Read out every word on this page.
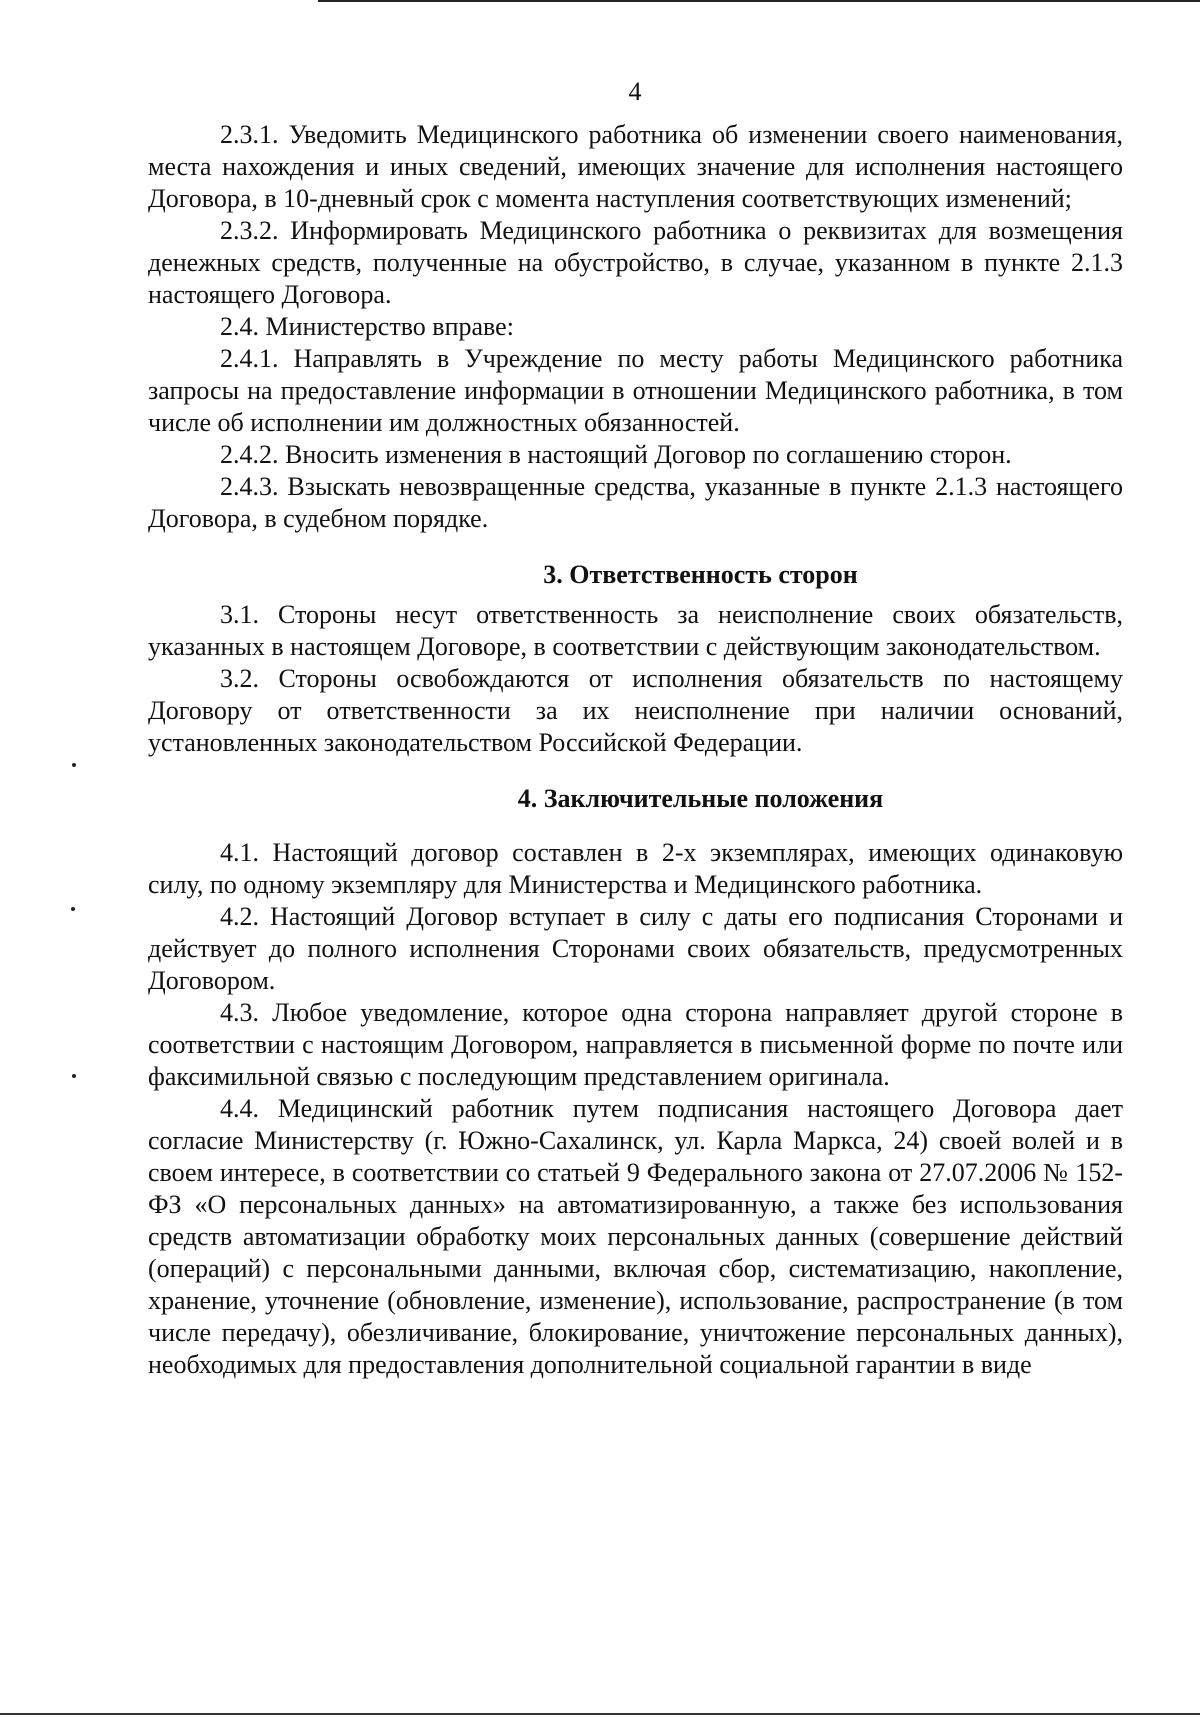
4

2.3.1. Уведомить Медицинского работника об изменении своего наименования, места нахождения и иных сведений, имеющих значение для исполнения настоящего Договора, в 10-дневный срок с момента наступления соответствующих изменений;

2.3.2. Информировать Медицинского работника о реквизитах для возмещения денежных средств, полученные на обустройство, в случае, указанном в пункте 2.1.3 настоящего Договора.

2.4. Министерство вправе:

2.4.1. Направлять в Учреждение по месту работы Медицинского работника запросы на предоставление информации в отношении Медицинского работника, в том числе об исполнении им должностных обязанностей.

2.4.2. Вносить изменения в настоящий Договор по соглашению сторон.

2.4.3. Взыскать невозвращенные средства, указанные в пункте 2.1.3 настоящего Договора, в судебном порядке.

3. Ответственность сторон

3.1. Стороны несут ответственность за неисполнение своих обязательств, указанных в настоящем Договоре, в соответствии с действующим законодательством.

3.2. Стороны освобождаются от исполнения обязательств по настоящему Договору от ответственности за их неисполнение при наличии оснований, установленных законодательством Российской Федерации.

4. Заключительные положения

4.1. Настоящий договор составлен в 2-х экземплярах, имеющих одинаковую силу, по одному экземпляру для Министерства и Медицинского работника.

4.2. Настоящий Договор вступает в силу с даты его подписания Сторонами и действует до полного исполнения Сторонами своих обязательств, предусмотренных Договором.

4.3. Любое уведомление, которое одна сторона направляет другой стороне в соответствии с настоящим Договором, направляется в письменной форме по почте или факсимильной связью с последующим представлением оригинала.

4.4. Медицинский работник путем подписания настоящего Договора дает согласие Министерству (г. Южно-Сахалинск, ул. Карла Маркса, 24) своей волей и в своем интересе, в соответствии со статьей 9 Федерального закона от 27.07.2006 № 152-ФЗ «О персональных данных» на автоматизированную, а также без использования средств автоматизации обработку моих персональных данных (совершение действий (операций) с персональными данными, включая сбор, систематизацию, накопление, хранение, уточнение (обновление, изменение), использование, распространение (в том числе передачу), обезличивание, блокирование, уничтожение персональных данных), необходимых для предоставления дополнительной социальной гарантии в виде
